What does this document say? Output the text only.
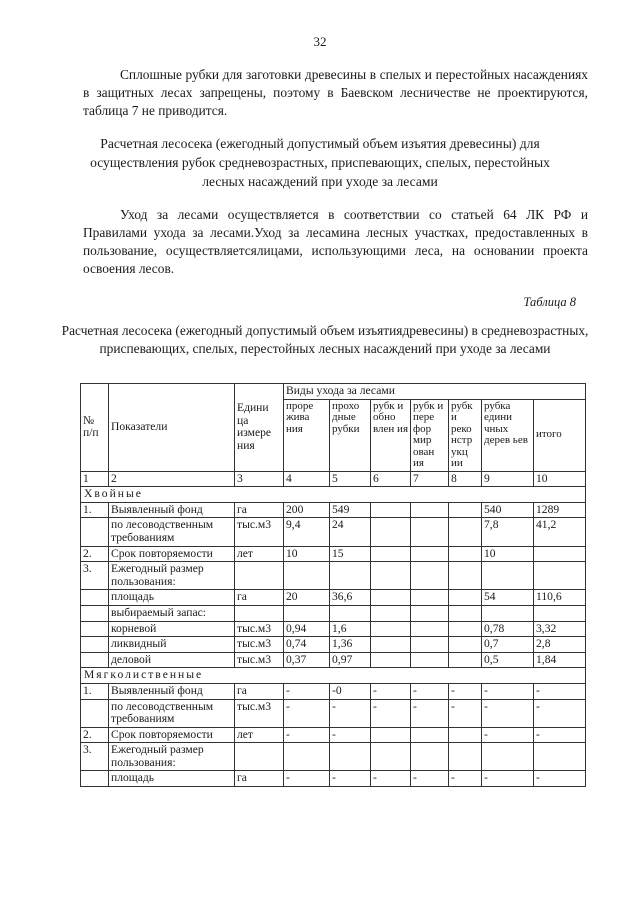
32
Сплошные рубки для заготовки древесины в спелых и перестойных насаждениях в защитных лесах запрещены, поэтому в Баевском лесничестве не проектируются, таблица 7 не приводится.
Расчетная лесосека (ежегодный допустимый объем изъятия древесины) для осуществления рубок средневозрастных, приспевающих, спелых, перестойных лесных насаждений при уходе за лесами
Уход за лесами осуществляется в соответствии со статьей 64 ЛК РФ и Правилами ухода за лесами.Уход за лесамина лесных участках, предоставленных в пользование, осуществляетсялицами, использующими леса, на основании проекта освоения лесов.
Таблица 8
Расчетная лесосека (ежегодный допустимый объем изъятиядревесины) в средневозрастных, приспевающих, спелых, перестойных лесных насаждений при уходе за лесами
№ п/п	Показатели	Едини ца измере ния	Виды ухода за лесами						
			проре жива ния	прохо дные рубки	рубк и обно влен ия	рубк и пере фор мир ован ия	рубк и реко нстр укц ии	рубка едини чных дерев ьев	итого
1	2	3	4	5	6	7	8	9	10
Хвойные									
1.	Выявленный фонд	га	200	549				540	1289
	по лесоводственным требованиям	тыс.м3	9,4	24				7,8	41,2
2.	Срок повторяемости	лет	10	15				10	
3.	Ежегодный размер пользования:								
	площадь	га	20	36,6				54	110,6
	выбираемый запас:								
	корневой	тыс.м3	0,94	1,6				0,78	3,32
	ликвидный	тыс.м3	0,74	1,36				0,7	2,8
	деловой	тыс.м3	0,37	0,97				0,5	1,84
Мягколиственные									
1.	Выявленный фонд	га	-	-0	-	-	-	-	-
	по лесоводственным требованиям	тыс.м3	-	-	-	-	-	-	-
2.	Срок повторяемости	лет	-	-				-	-
3.	Ежегодный размер пользования:								
	площадь	га	-	-	-	-	-	-	-
